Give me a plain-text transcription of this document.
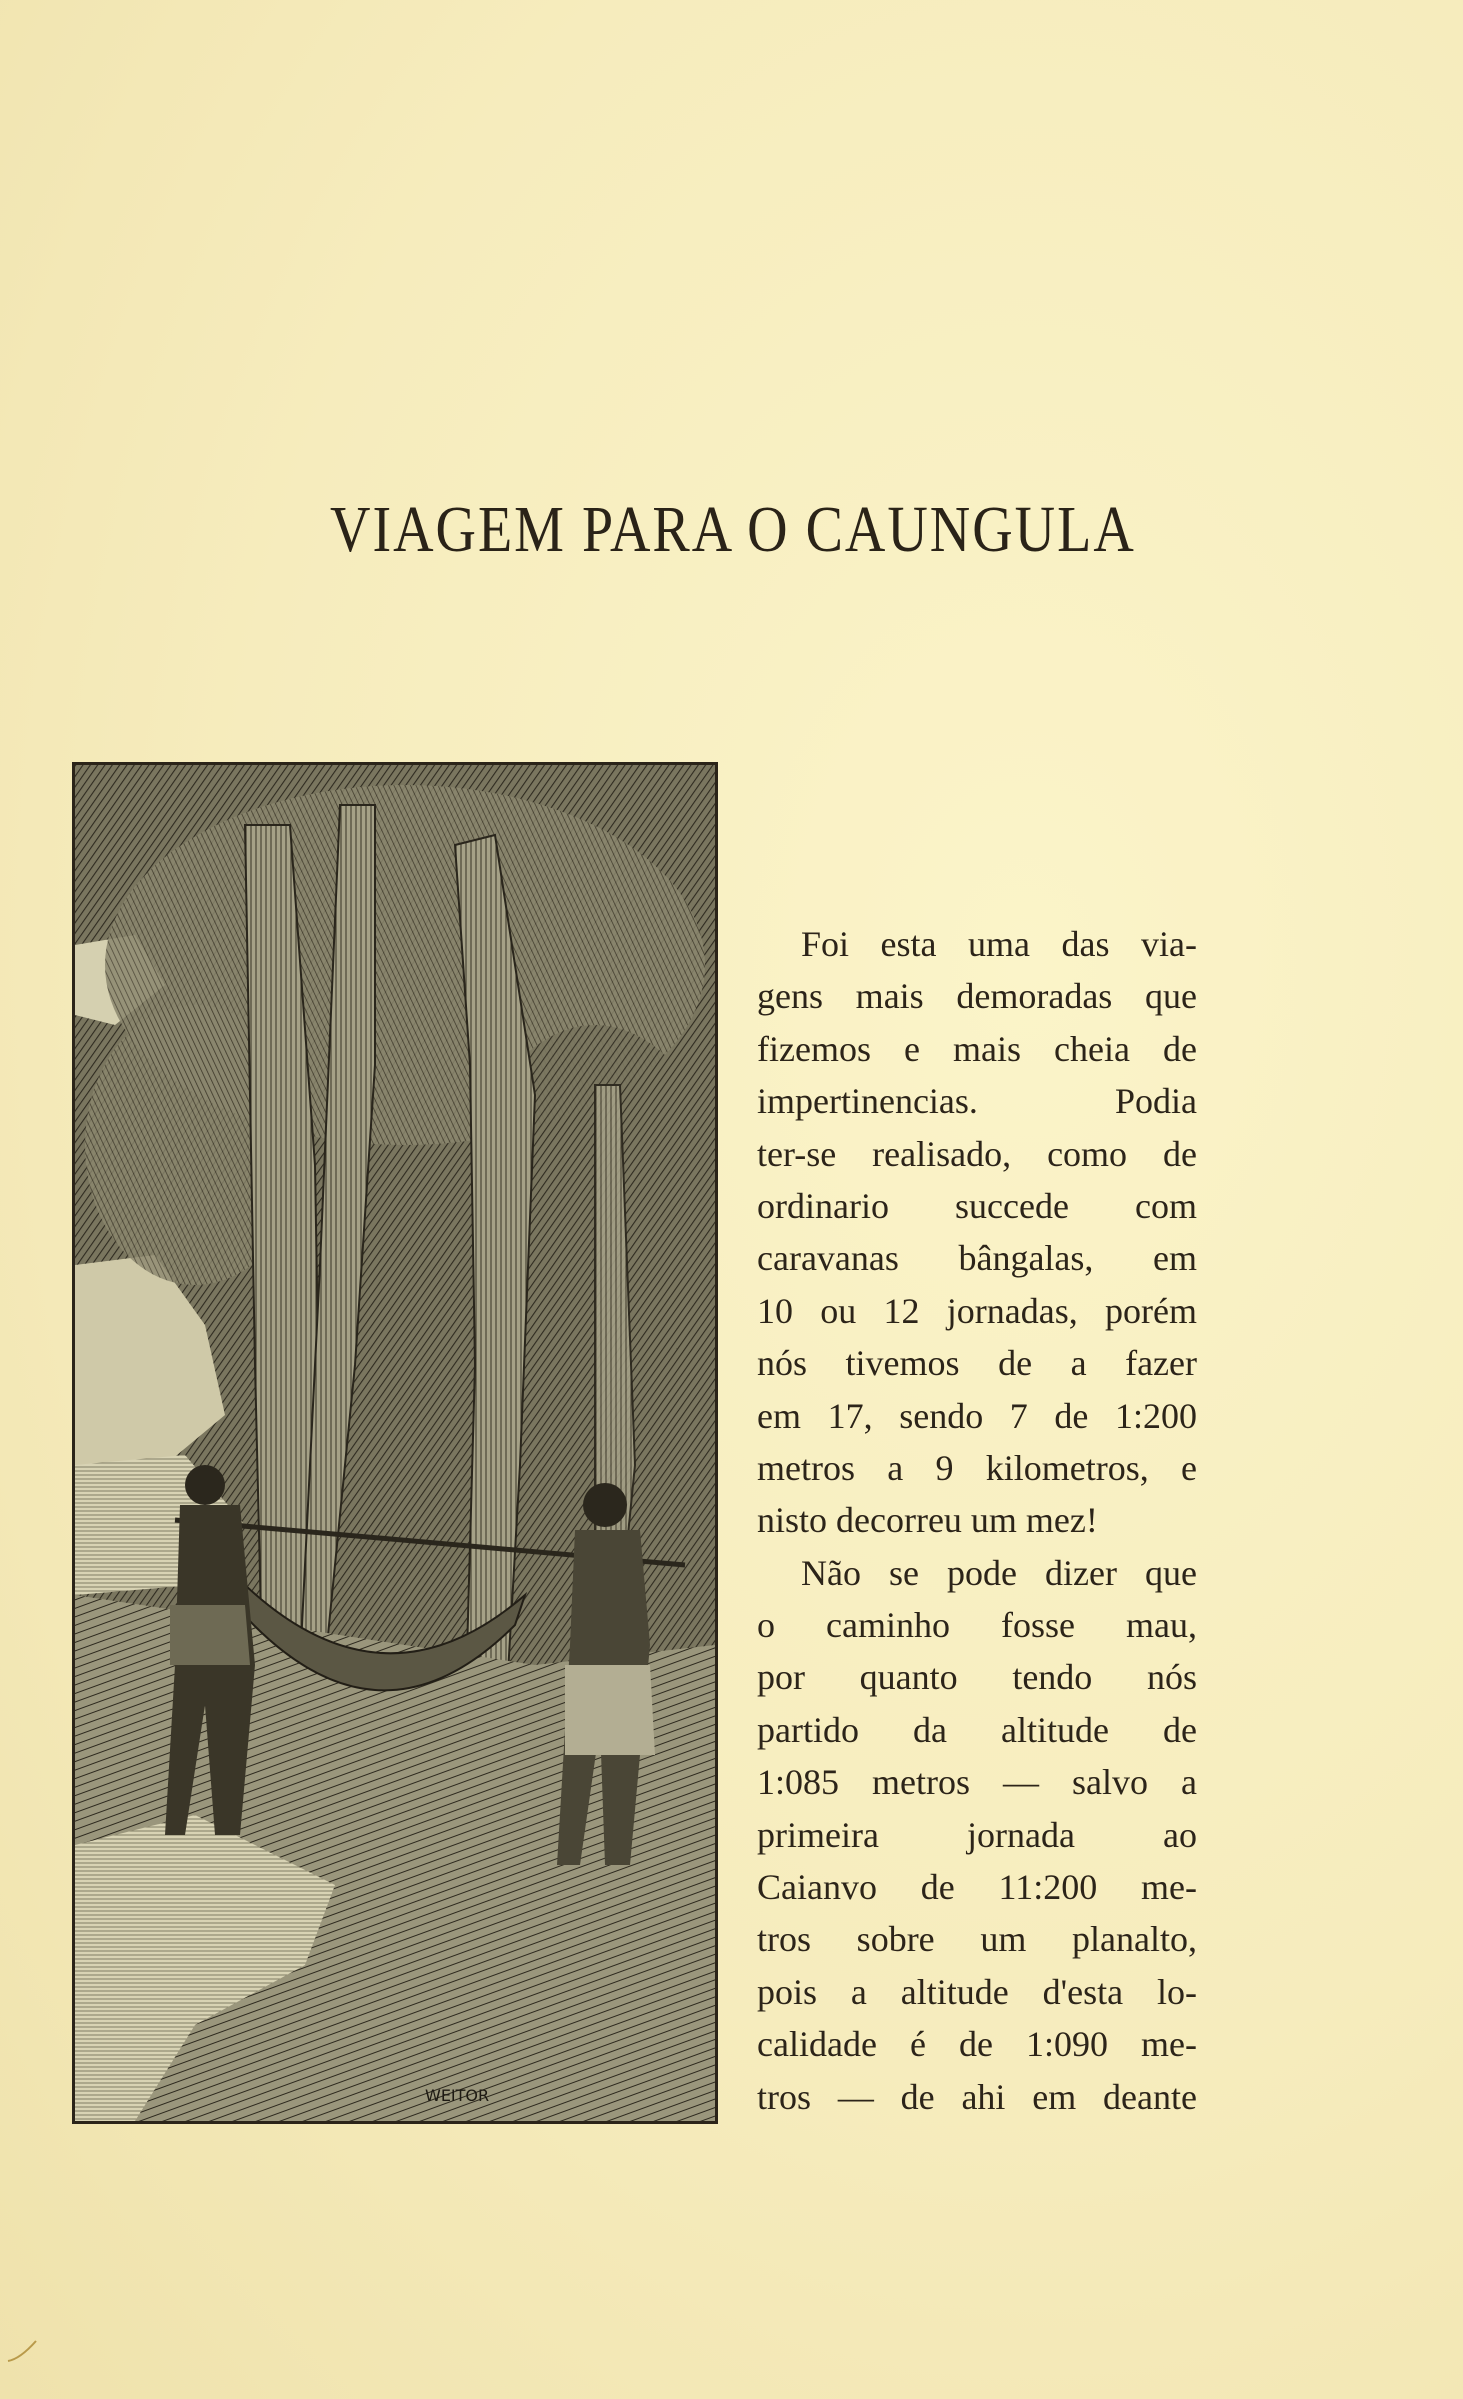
VIAGEM PARA O CAUNGULA
WEITOR
Foi esta uma das via-
gens mais demoradas que
fizemos e mais cheia de
impertinencias. Podia
ter-se realisado, como de
ordinario succede com
caravanas bângalas, em
10 ou 12 jornadas, porém
nós tivemos de a fazer
em 17, sendo 7 de 1:200
metros a 9 kilometros, e
nisto decorreu um mez!
Não se pode dizer que
o caminho fosse mau,
por quanto tendo nós
partido da altitude de
1:085 metros — salvo a
primeira jornada ao
Caianvo de 11:200 me-
tros sobre um planalto,
pois a altitude d'esta lo-
calidade é de 1:090 me-
tros — de ahi em deante
